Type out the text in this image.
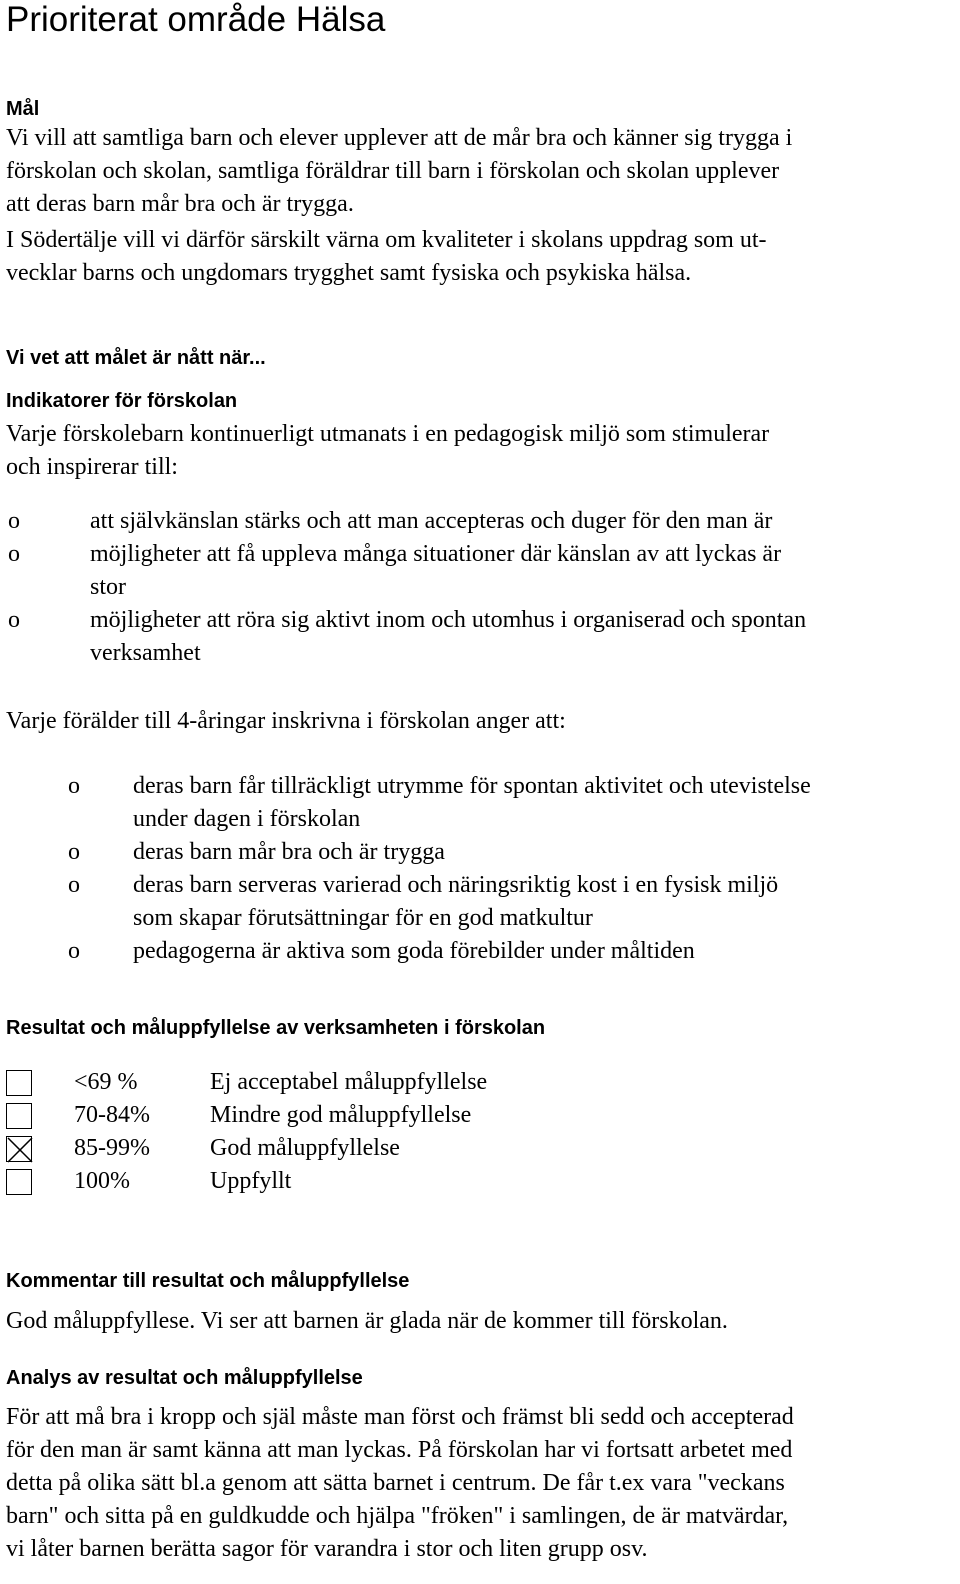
Prioriterat område Hälsa
Mål
Vi vill att samtliga barn och elever upplever att de mår bra och känner sig trygga i
förskolan och skolan, samtliga föräldrar till barn i förskolan och skolan upplever
att deras barn mår bra och är trygga.
I Södertälje vill vi därför särskilt värna om kvaliteter i skolans uppdrag som ut-
vecklar barns och ungdomars trygghet samt fysiska och psykiska hälsa.
Vi vet att målet är nått när...
Indikatorer för förskolan
Varje förskolebarn kontinuerligt utmanats i en pedagogisk miljö som stimulerar
och inspirerar till:
o	att självkänslan stärks och att man accepteras och duger för den man är
o	möjligheter att få uppleva många situationer där känslan av att lyckas är
stor
o	möjligheter att röra sig aktivt inom och utomhus i organiserad och spontan
verksamhet
Varje förälder till 4-åringar inskrivna i förskolan anger att:
o	deras barn får tillräckligt utrymme för spontan aktivitet och utevistelse
under dagen i förskolan
o	deras barn mår bra och är trygga
o	deras barn serveras varierad och näringsriktig kost i en fysisk miljö
som skapar förutsättningar för en god matkultur
o	pedagogerna är aktiva som goda förebilder under måltiden
Resultat och måluppfyllelse av verksamheten i förskolan
<69 %	Ej acceptabel måluppfyllelse
70-84%	Mindre god måluppfyllelse
85-99%	God måluppfyllelse
100%	Uppfyllt
Kommentar till resultat och måluppfyllelse
God måluppfyllese. Vi ser att barnen är glada när de kommer till förskolan.
Analys av resultat och måluppfyllelse
För att må bra i kropp och själ måste man först och främst bli sedd och accepterad
för den man är samt känna att man lyckas. På förskolan har vi fortsatt arbetet med
detta på olika sätt bl.a genom att sätta barnet i centrum. De får t.ex vara "veckans
barn" och sitta på en guldkudde och hjälpa "fröken" i samlingen, de är matvärdar,
vi låter barnen berätta sagor för varandra i stor och liten grupp osv.
